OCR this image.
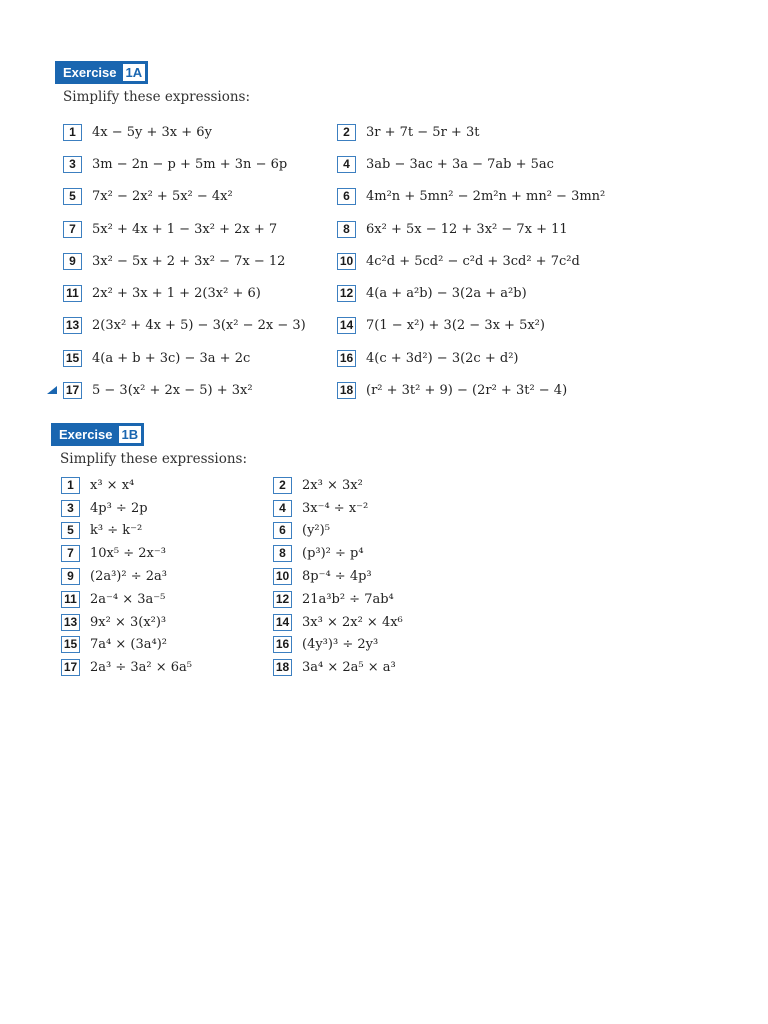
Exercise 1A
Simplify these expressions:
1	4x − 5y + 3x + 6y	2	3r + 7t − 5r + 3t
3	3m − 2n − p + 5m + 3n − 6p	4	3ab − 3ac + 3a − 7ab + 5ac
5	7x² − 2x² + 5x² − 4x²	6	4m²n + 5mn² − 2m²n + mn² − 3mn²
7	5x² + 4x + 1 − 3x² + 2x + 7	8	6x² + 5x − 12 + 3x² − 7x + 11
9	3x² − 5x + 2 + 3x² − 7x − 12	10 4c²d + 5cd² − c²d + 3cd² + 7c²d
11 2x² + 3x + 1 + 2(3x² + 6)	12 4(a + a²b) − 3(2a + a²b)
13 2(3x² + 4x + 5) − 3(x² − 2x − 3)	14 7(1 − x²) + 3(2 − 3x + 5x²)
15 4(a + b + 3c) − 3a + 2c	16 4(c + 3d²) − 3(2c + d²)
17 5 − 3(x² + 2x − 5) + 3x²	18 (r² + 3t² + 9) − (2r² + 3t² − 4)
Exercise 1B
Simplify these expressions:
1	x³ × x⁴	2	2x³ × 3x²
3	4p³ ÷ 2p	4	3x⁻⁴ ÷ x⁻²
5	k³ ÷ k⁻²	6	(y²)⁵
7	10x⁵ ÷ 2x⁻³	8	(p³)² ÷ p⁴
9	(2a³)² ÷ 2a³	10 8p⁻⁴ ÷ 4p³
11 2a⁻⁴ × 3a⁻⁵	12 21a³b² ÷ 7ab⁴
13 9x² × 3(x²)³	14 3x³ × 2x² × 4x⁶
15 7a⁴ × (3a⁴)²	16 (4y³)³ ÷ 2y³
17 2a³ ÷ 3a² × 6a⁵	18 3a⁴ × 2a⁵ × a³
